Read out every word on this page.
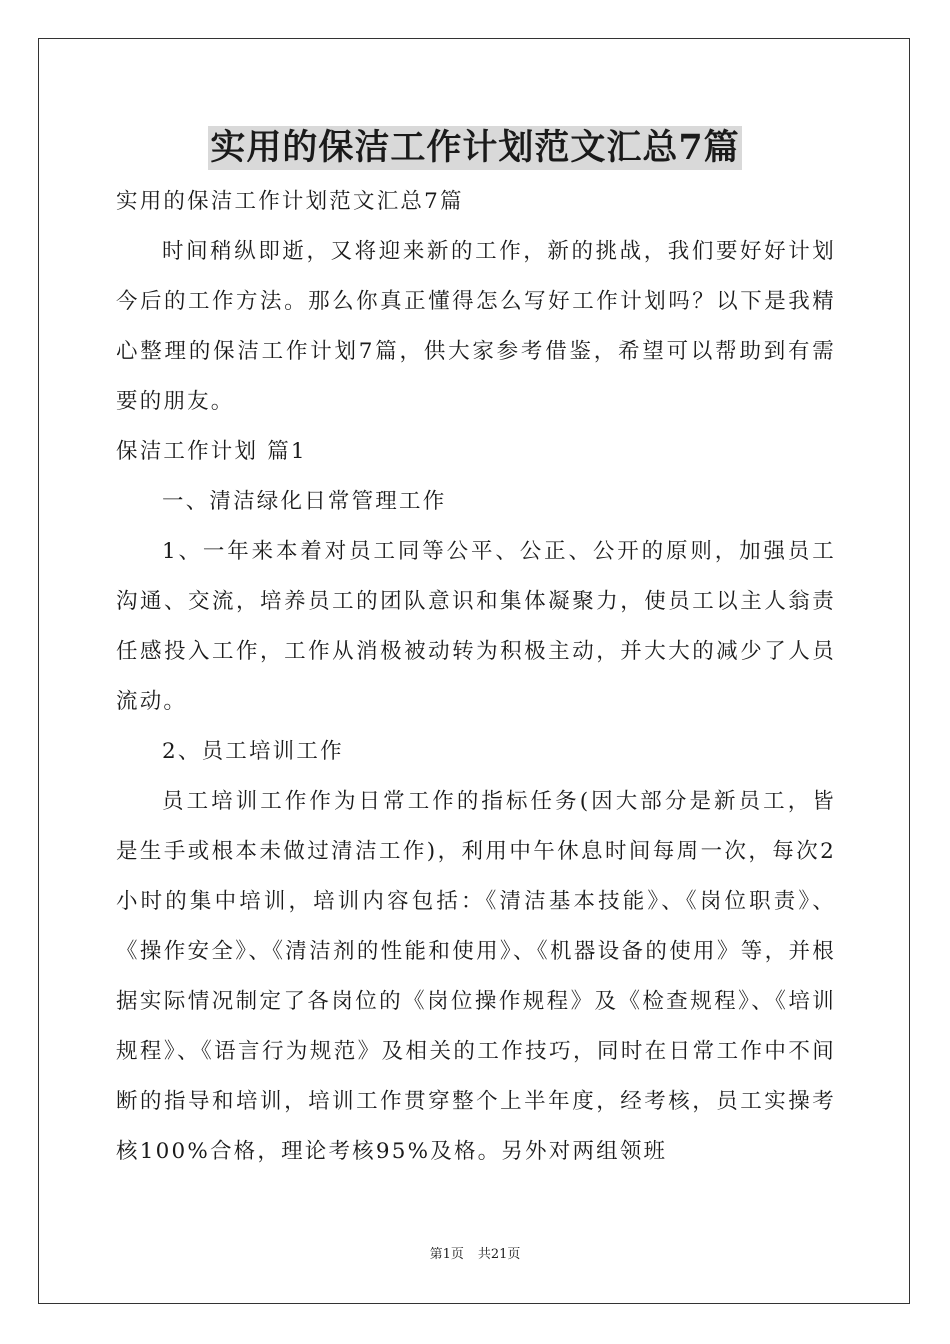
实用的保洁工作计划范文汇总7篇

实用的保洁工作计划范文汇总7篇

时间稍纵即逝，又将迎来新的工作，新的挑战，我们要好好计划今后的工作方法。那么你真正懂得怎么写好工作计划吗？以下是我精心整理的保洁工作计划7篇，供大家参考借鉴，希望可以帮助到有需要的朋友。

保洁工作计划 篇1

一、清洁绿化日常管理工作

1、一年来本着对员工同等公平、公正、公开的原则，加强员工沟通、交流，培养员工的团队意识和集体凝聚力，使员工以主人翁责任感投入工作，工作从消极被动转为积极主动，并大大的减少了人员流动。

2、员工培训工作

员工培训工作作为日常工作的指标任务(因大部分是新员工，皆是生手或根本未做过清洁工作)，利用中午休息时间每周一次，每次2小时的集中培训，培训内容包括：《清洁基本技能》、《岗位职责》、《操作安全》、《清洁剂的性能和使用》、《机器设备的使用》等，并根据实际情况制定了各岗位的《岗位操作规程》及《检查规程》、《培训规程》、《语言行为规范》及相关的工作技巧，同时在日常工作中不间断的指导和培训，培训工作贯穿整个上半年度，经考核，员工实操考核100%合格，理论考核95%及格。另外对两组领班

第1页 共21页
